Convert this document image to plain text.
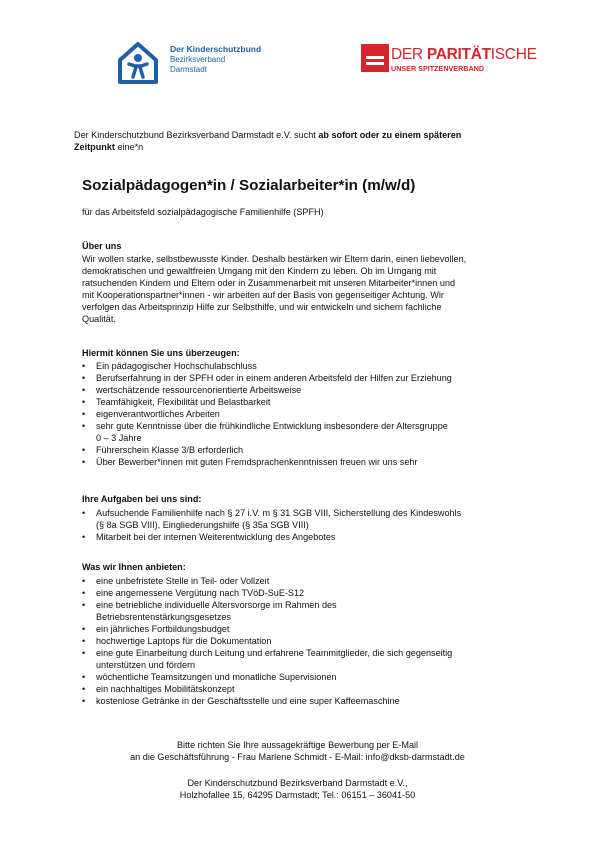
Der Kinderschutzbund
Bezirksverband
Darmstadt
DER PARITÄTISCHE
UNSER SPITZENVERBAND
Der Kinderschutzbund Bezirksverband Darmstadt e.V. sucht ab sofort oder zu einem späteren
Zeitpunkt eine*n
Sozialpädagogen*in / Sozialarbeiter*in (m/w/d)
für das Arbeitsfeld sozialpädagogische Familienhilfe (SPFH)
Über uns
Wir wollen starke, selbstbewusste Kinder. Deshalb bestärken wir Eltern darin, einen liebevollen,
demokratischen und gewaltfreien Umgang mit den Kindern zu leben. Ob im Umgang mit
ratsuchenden Kindern und Eltern oder in Zusammenarbeit mit unseren Mitarbeiter*innen und
mit Kooperationspartner*innen - wir arbeiten auf der Basis von gegenseitiger Achtung. Wir
verfolgen das Arbeitsprinzip Hilfe zur Selbsthilfe, und wir entwickeln und sichern fachliche
Qualität.
Hiermit können Sie uns überzeugen:
• Ein pädagogischer Hochschulabschluss
• Berufserfahrung in der SPFH oder in einem anderen Arbeitsfeld der Hilfen zur Erziehung
• wertschätzende ressourcenorientierte Arbeitsweise
• Teamfähigkeit, Flexibilität und Belastbarkeit
• eigenverantwortliches Arbeiten
• sehr gute Kenntnisse über die frühkindliche Entwicklung insbesondere der Altersgruppe
0 – 3 Jahre
• Führerschein Klasse 3/B erforderlich
• Über Bewerber*innen mit guten Fremdsprachenkenntnissen freuen wir uns sehr
Ihre Aufgaben bei uns sind:
• Aufsuchende Familienhilfe nach § 27 i.V. m § 31 SGB VIII, Sicherstellung des Kindeswohls
(§ 8a SGB VIII), Eingliederungshilfe (§ 35a SGB VIII)
• Mitarbeit bei der internen Weiterentwicklung des Angebotes
Was wir Ihnen anbieten:
• eine unbefristete Stelle in Teil- oder Vollzeit
• eine angemessene Vergütung nach TVöD-SuE-S12
• eine betriebliche individuelle Altersvorsorge im Rahmen des
Betriebsrentenstärkungsgesetzes
• ein jährliches Fortbildungsbudget
• hochwertige Laptops für die Dokumentation
• eine gute Einarbeitung durch Leitung und erfahrene Teammitglieder, die sich gegenseitig
unterstützen und fördern
• wöchentliche Teamsitzungen und monatliche Supervisionen
• ein nachhaltiges Mobilitätskonzept
• kostenlose Getränke in der Geschäftsstelle und eine super Kaffeemaschine
Bitte richten Sie Ihre aussagekräftige Bewerbung per E-Mail
an die Geschäftsführung - Frau Marlene Schmidt - E-Mail: info@dksb-darmstadt.de
Der Kinderschutzbund Bezirksverband Darmstadt e.V.,
Holzhofallee 15, 64295 Darmstadt; Tel.: 06151 – 36041-50
